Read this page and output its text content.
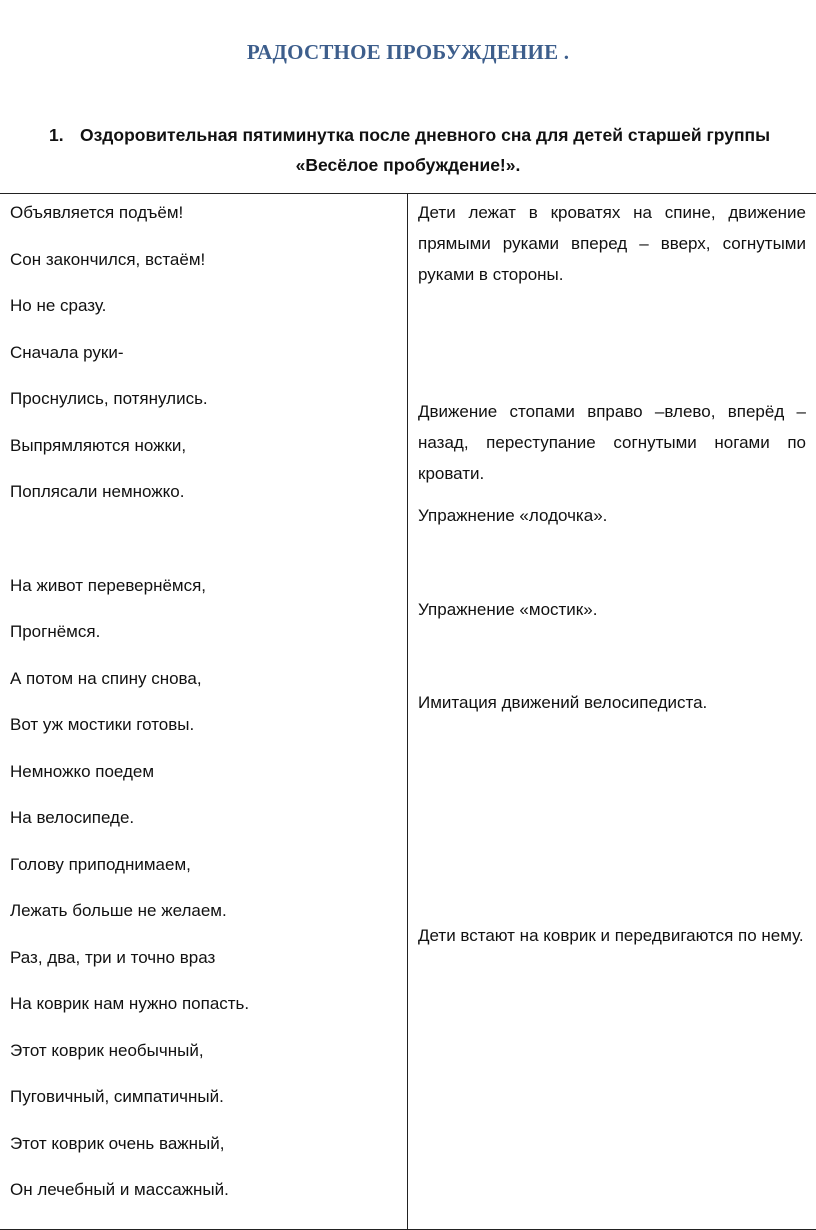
РАДОСТНОЕ ПРОБУЖДЕНИЕ .
1. Оздоровительная пятиминутка после дневного сна для детей старшей группы
«Весёлое пробуждение!».
Объявляется подъём!
Сон закончился, встаём!
Но не сразу.
Сначала руки-
Проснулись, потянулись.
Выпрямляются ножки,
Поплясали немножко.
На живот перевернёмся,
Прогнёмся.
А потом на спину снова,
Вот уж мостики готовы.
Немножко поедем
На велосипеде.
Голову приподнимаем,
Лежать больше не желаем.
Раз, два, три и точно враз
На коврик нам нужно попасть.
Этот коврик необычный,
Пуговичный, симпатичный.
Этот коврик очень важный,
Он лечебный и массажный.
Дети лежат в кроватях на спине, движение прямыми руками вперед – вверх, согнутыми руками в стороны.
Движение стопами вправо –влево, вперёд – назад, переступание согнутыми ногами по кровати.
Упражнение «лодочка».
Упражнение «мостик».
Имитация движений велосипедиста.
Дети встают на коврик и передвигаются по нему.
